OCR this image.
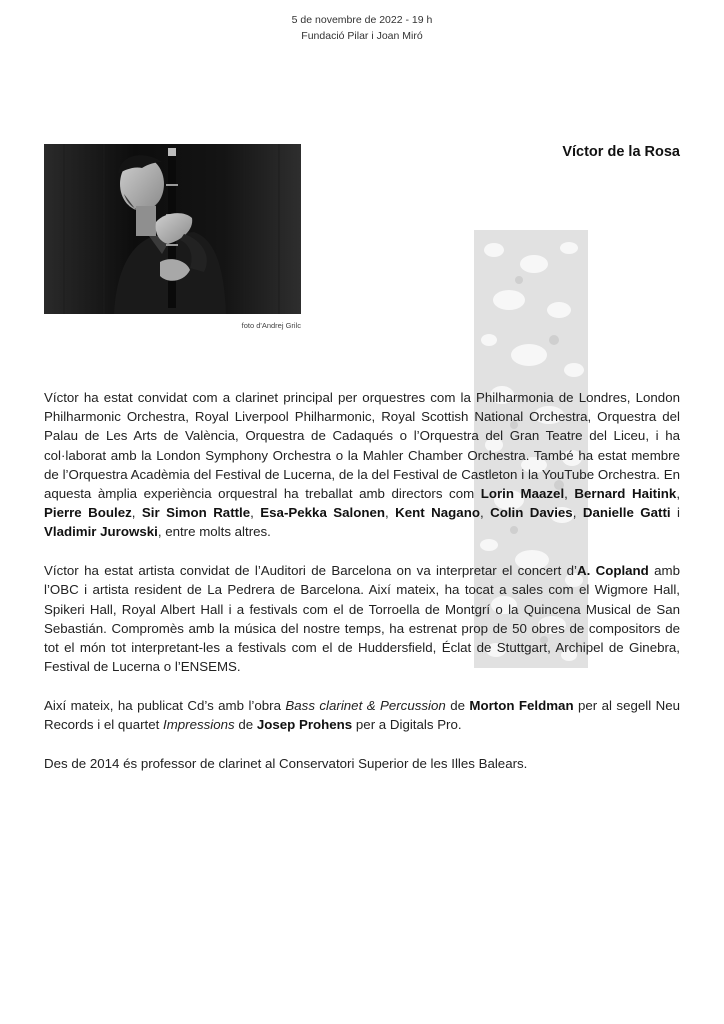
5 de novembre de 2022 - 19 h
Fundació Pilar i Joan Miró
foto d'Andrej Grilc
Víctor de la Rosa

Víctor ha estat convidat com a clarinet principal per orquestres com la Philharmonia de Londres, London Philharmonic Orchestra, Royal Liverpool Philharmonic, Royal Scottish National Orchestra, Orquestra del Palau de Les Arts de València, Orquestra de Cadaqués o l’Orquestra del Gran Teatre del Liceu, i ha col·laborat amb la London Symphony Orchestra o la Mahler Chamber Orchestra. També ha estat membre de l’Orquestra Acadèmia del Festival de Lucerna, de la del Festival de Castleton i la YouTube Orchestra. En aquesta àmplia experiència orquestral ha treballat amb directors com Lorin Maazel, Bernard Haitink, Pierre Boulez, Sir Simon Rattle, Esa-Pekka Salonen, Kent Nagano, Colin Davies, Danielle Gatti i Vladimir Jurowski, entre molts altres.

Víctor ha estat artista convidat de l’Auditori de Barcelona on va interpretar el concert d’A. Copland amb l’OBC i artista resident de La Pedrera de Barcelona. Així mateix, ha tocat a sales com el Wigmore Hall, Spikeri Hall, Royal Albert Hall i a festivals com el de Torroella de Montgrí o la Quincena Musical de San Sebastián. Compromès amb la música del nostre temps, ha estrenat prop de 50 obres de compositors de tot el món tot interpretant-les a festivals com el de Huddersfield, Éclat de Stuttgart, Archipel de Ginebra, Festival de Lucerna o l’ENSEMS.

Així mateix, ha publicat Cd’s amb l’obra Bass clarinet & Percussion de Morton Feldman per al segell Neu Records i el quartet Impressions de Josep Prohens per a Digitals Pro.

Des de 2014 és professor de clarinet al Conservatori Superior de les Illes Balears.
